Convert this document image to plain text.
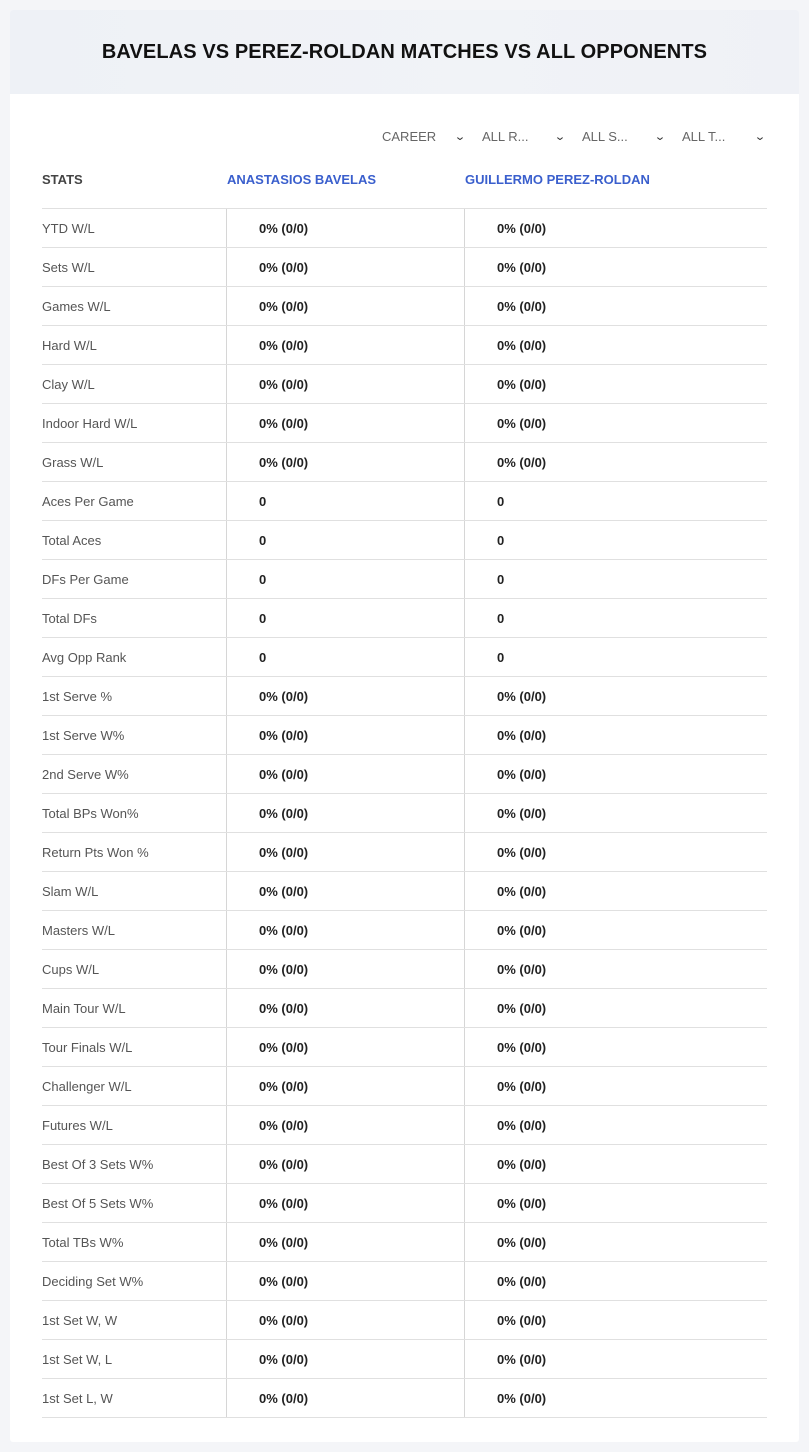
BAVELAS VS PEREZ-ROLDAN MATCHES VS ALL OPPONENTS
CAREER ⌄ ALL R... ⌄ ALL S... ⌄ ALL T...	⌄
STATS	ANASTASIOS BAVELAS	GUILLERMO PEREZ-ROLDAN
YTD W/L	0% (0/0)	0% (0/0)
Sets W/L	0% (0/0)	0% (0/0)
Games W/L	0% (0/0)	0% (0/0)
Hard W/L	0% (0/0)	0% (0/0)
Clay W/L	0% (0/0)	0% (0/0)
Indoor Hard W/L	0% (0/0)	0% (0/0)
Grass W/L	0% (0/0)	0% (0/0)
Aces Per Game	0	0
Total Aces	0	0
DFs Per Game	0	0
Total DFs	0	0
Avg Opp Rank	0	0
1st Serve %	0% (0/0)	0% (0/0)
1st Serve W%	0% (0/0)	0% (0/0)
2nd Serve W%	0% (0/0)	0% (0/0)
Total BPs Won%	0% (0/0)	0% (0/0)
Return Pts Won %	0% (0/0)	0% (0/0)
Slam W/L	0% (0/0)	0% (0/0)
Masters W/L	0% (0/0)	0% (0/0)
Cups W/L	0% (0/0)	0% (0/0)
Main Tour W/L	0% (0/0)	0% (0/0)
Tour Finals W/L	0% (0/0)	0% (0/0)
Challenger W/L	0% (0/0)	0% (0/0)
Futures W/L	0% (0/0)	0% (0/0)
Best Of 3 Sets W%	0% (0/0)	0% (0/0)
Best Of 5 Sets W%	0% (0/0)	0% (0/0)
Total TBs W%	0% (0/0)	0% (0/0)
Deciding Set W%	0% (0/0)	0% (0/0)
1st Set W, W	0% (0/0)	0% (0/0)
1st Set W, L	0% (0/0)	0% (0/0)
1st Set L, W	0% (0/0)	0% (0/0)
